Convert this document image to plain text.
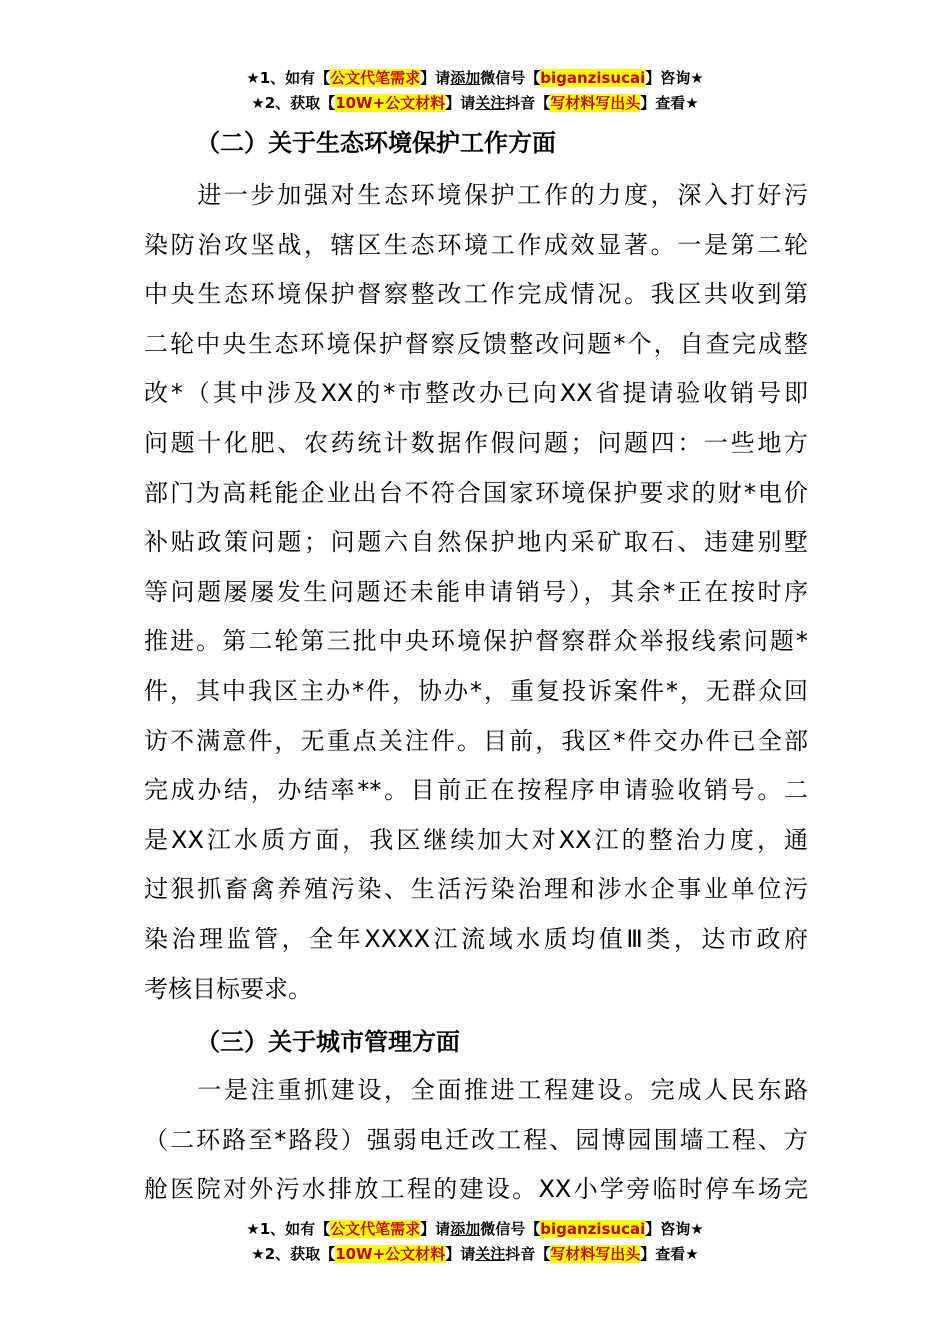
★1、如有【公文代笔需求】请添加微信号【biganzisucai】咨询★
★2、获取【10W+公文材料】请关注抖音【写材料写出头】查看★
（二）关于生态环境保护工作方面
　　进一步加强对生态环境保护工作的力度，深入打好污
染防治攻坚战，辖区生态环境工作成效显著。一是第二轮
中央生态环境保护督察整改工作完成情况。我区共收到第
二轮中央生态环境保护督察反馈整改问题*个，自查完成整
改*（其中涉及XX的*市整改办已向XX省提请验收销号即
问题十化肥、农药统计数据作假问题；问题四：一些地方
部门为高耗能企业出台不符合国家环境保护要求的财*电价
补贴政策问题；问题六自然保护地内采矿取石、违建别墅
等问题屡屡发生问题还未能申请销号），其余*正在按时序
推进。第二轮第三批中央环境保护督察群众举报线索问题*
件，其中我区主办*件，协办*，重复投诉案件*，无群众回
访不满意件，无重点关注件。目前，我区*件交办件已全部
完成办结，办结率**。目前正在按程序申请验收销号。二
是XX江水质方面，我区继续加大对XX江的整治力度，通
过狠抓畜禽养殖污染、生活污染治理和涉水企事业单位污
染治理监管，全年XXXX江流域水质均值Ⅲ类，达市政府
考核目标要求。
（三）关于城市管理方面
　　一是注重抓建设，全面推进工程建设。完成人民东路
（二环路至*路段）强弱电迁改工程、园博园围墙工程、方
舱医院对外污水排放工程的建设。XX小学旁临时停车场完
★1、如有【公文代笔需求】请添加微信号【biganzisucai】咨询★
★2、获取【10W+公文材料】请关注抖音【写材料写出头】查看★
